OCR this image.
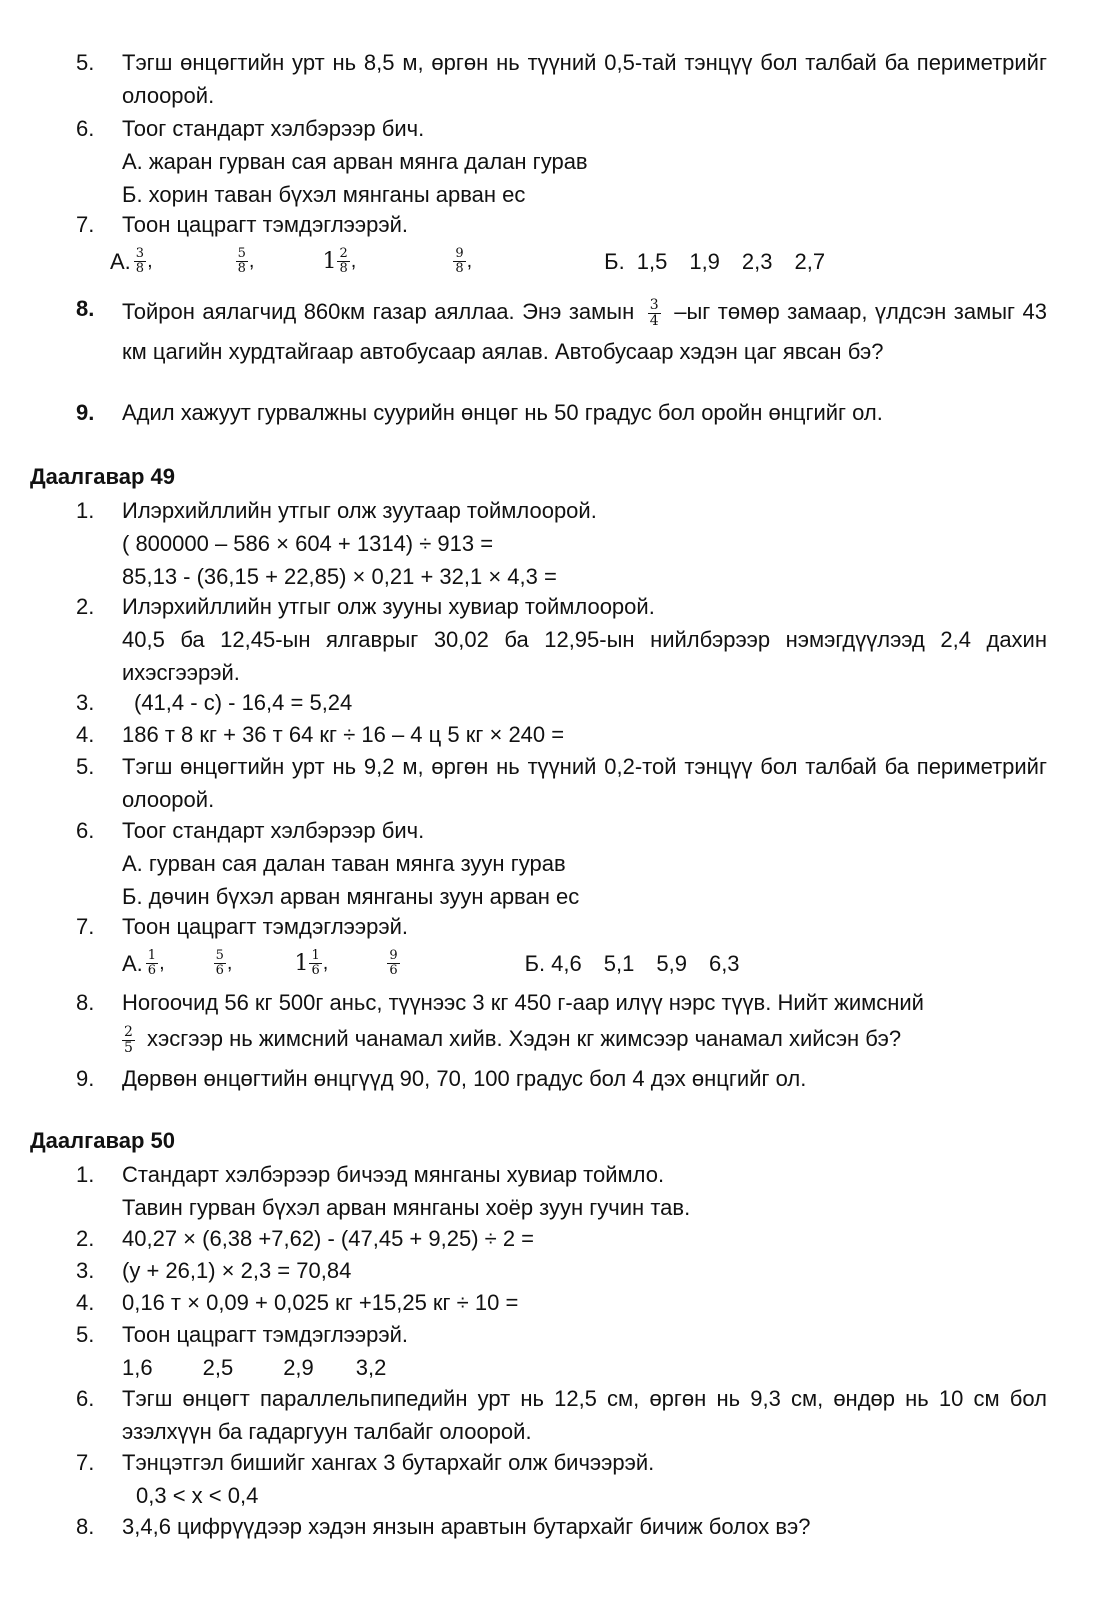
5.	Тэгш өнцөгтийн урт нь 8,5 м, өргөн нь түүний 0,5-тай тэнцүү бол талбай ба периметрийг олоорой.
6.	Тоог стандарт хэлбэрээр бич.
А. жаран гурван сая арван мянга далан гурав
Б. хорин таван бүхэл мянганы арван ес
7.	Тоон цацрагт тэмдэглээрэй.
А. $\frac{3}{8}$ ,	$\frac{5}{8}$ ,	$1 \frac{2}{8}$ ,	$\frac{9}{8}$ ,	Б. 1,5 1,9 2,3 2,7
8.	Тойрон аялагчид 860км газар аяллаа. Энэ замын $\frac{3}{4} -ыг$ төмөр замаар, үлдсэн замыг 43 км цагийн хурдтайгаар автобусаар аялав. Автобусаар хэдэн цаг явсан бэ?
9.	Адил хажуут гурвалжны суурийн өнцөг нь 50 градус бол оройн өнцгийг ол.
Даалгавар 49
1.	Илэрхийллийн утгыг олж зуутаар тоймлоорой.
( 800000 – 586 × 604 + 1314) ÷ 913 =
85,13 - (36,15 + 22,85) × 0,21 + 32,1 × 4,3 =
2.	Илэрхийллийн утгыг олж зууны хувиар тоймлоорой.
40,5 ба 12,45-ын ялгаврыг 30,02 ба 12,95-ын нийлбэрээр нэмэгдүүлээд 2,4 дахин ихэсгээрэй.
3.	(41,4 - с) - 16,4 = 5,24
4.	186 т 8 кг + 36 т 64 кг ÷ 16 – 4 ц 5 кг × 240 =
5.	Тэгш өнцөгтийн урт нь 9,2 м, өргөн нь түүний 0,2-той тэнцүү бол талбай ба периметрийг олоорой.
6.	Тоог стандарт хэлбэрээр бич.
А. гурван сая далан таван мянга зуун гурав
Б. дөчин бүхэл арван мянганы зуун арван ес
7.	Тоон цацрагт тэмдэглээрэй.
А. $\frac{1}{6}$ ,	$\frac{5}{6}$ ,	$1 \frac{1}{6}$ ,	$\frac{9}{6}$	Б. 4,6 5,1 5,9 6,3
8.	Ногоочид 56 кг 500г аньс, түүнээс 3 кг 450 г-аар илүү нэрс түүв. Нийт жимсний
$\frac{2}{5}$ хэсгээр нь жимсний чанамал хийв. Хэдэн кг жимсээр чанамал хийсэн бэ?
9.	Дөрвөн өнцөгтийн өнцгүүд 90, 70, 100 градус бол 4 дэх өнцгийг ол.
Даалгавар 50
1.	Стандарт хэлбэрээр бичээд мянганы хувиар тоймло.
Тавин гурван бүхэл арван мянганы хоёр зуун гучин тав.
2.	40,27 × (6,38 +7,62) - (47,45 + 9,25) ÷ 2 =
3.	(у + 26,1) × 2,3 = 70,84
4.	0,16 т × 0,09 + 0,025 кг +15,25 кг ÷ 10 =
5.	Тоон цацрагт тэмдэглээрэй.
1,6 2,5 2,9 3,2
6.	Тэгш өнцөгт параллельпипедийн урт нь 12,5 см, өргөн нь 9,3 см, өндөр нь 10 см бол эзэлхүүн ба гадаргуун талбайг олоорой.
7.	Тэнцэтгэл бишийг хангах 3 бутархайг олж бичээрэй.
0,3 < х < 0,4
8.	3,4,6 цифрүүдээр хэдэн янзын аравтын бутархайг бичиж болох вэ?
